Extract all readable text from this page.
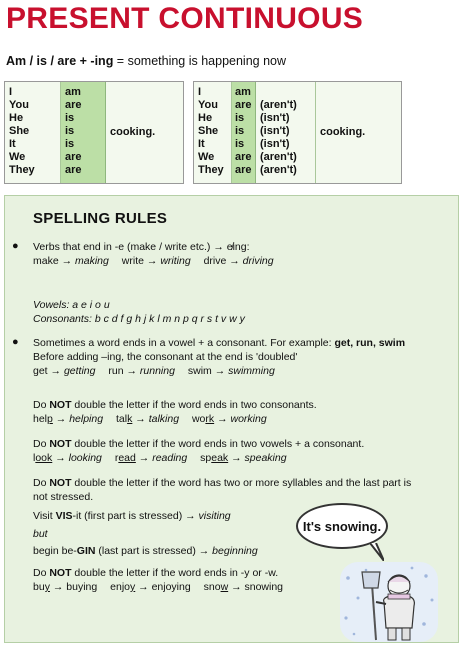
PRESENT CONTINUOUS
Am / is / are + -ing = something is happening now
I
You
He
She
It
We
They
am
are
is
is
is
are
are
cooking.
I
You
He
She
It
We
They
am
are
is
is
is
are
are
(aren't)
(isn't)
(isn't)
(isn't)
(aren't)
(aren't)
cooking.
SPELLING RULES
● Verbs that end in -e (make / write etc.) → e̸ing:
make → making write → writing drive → driving
Vowels: a e i o u
Consonants: b c d f g h j k l m n p q r s t v w y
● Sometimes a word ends in a vowel + a consonant. For example: get, run, swim
Before adding –ing, the consonant at the end is 'doubled'
get → getting run → running swim → swimming
Do NOT double the letter if the word ends in two consonants.
help → helping talk → talking work → working
Do NOT double the letter if the word ends in two vowels + a consonant.
look → looking read → reading speak → speaking
Do NOT double the letter if the word has two or more syllables and the last part is
not stressed.
Visit VIS-it (first part is stressed) → visiting
but
begin be-GIN (last part is stressed) → beginning
Do NOT double the letter if the word ends in -y or -w.
buy → buying enjoy → enjoying snow → snowing
It's snowing.
